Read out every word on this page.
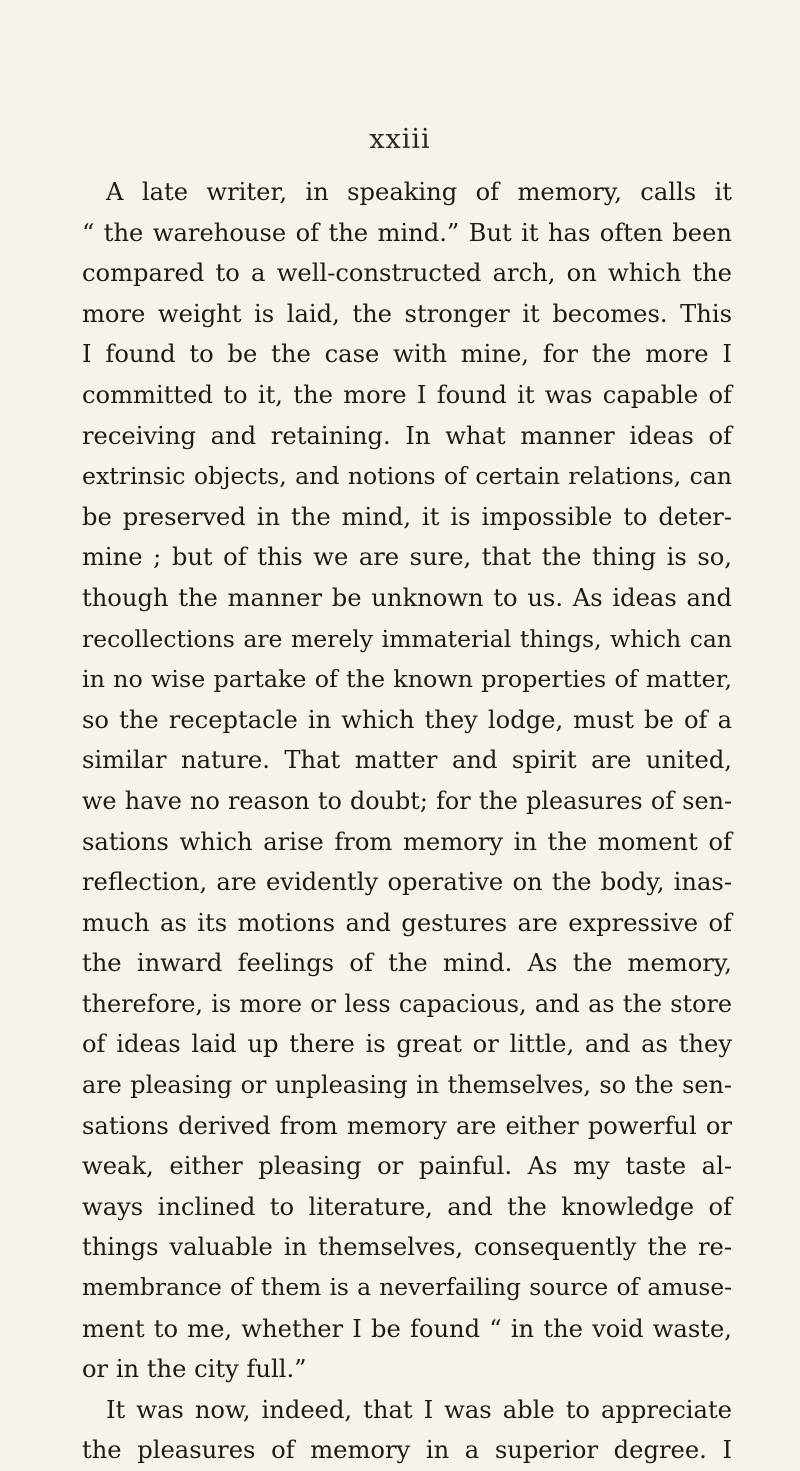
xxiii
A late writer, in speaking of memory, calls it
“ the warehouse of the mind.” But it has often been
compared to a well-constructed arch, on which the
more weight is laid, the stronger it becomes. This
I found to be the case with mine, for the more I
committed to it, the more I found it was capable of
receiving and retaining. In what manner ideas of
extrinsic objects, and notions of certain relations, can
be preserved in the mind, it is impossible to deter-
mine ; but of this we are sure, that the thing is so,
though the manner be unknown to us. As ideas and
recollections are merely immaterial things, which can
in no wise partake of the known properties of matter,
so the receptacle in which they lodge, must be of a
similar nature. That matter and spirit are united,
we have no reason to doubt; for the pleasures of sen-
sations which arise from memory in the moment of
reflection, are evidently operative on the body, inas-
much as its motions and gestures are expressive of
the inward feelings of the mind. As the memory,
therefore, is more or less capacious, and as the store
of ideas laid up there is great or little, and as they
are pleasing or unpleasing in themselves, so the sen-
sations derived from memory are either powerful or
weak, either pleasing or painful. As my taste al-
ways inclined to literature, and the knowledge of
things valuable in themselves, consequently the re-
membrance of them is a neverfailing source of amuse-
ment to me, whether I be found “ in the void waste,
or in the city full.”
It was now, indeed, that I was able to appreciate
the pleasures of memory in a superior degree. I
